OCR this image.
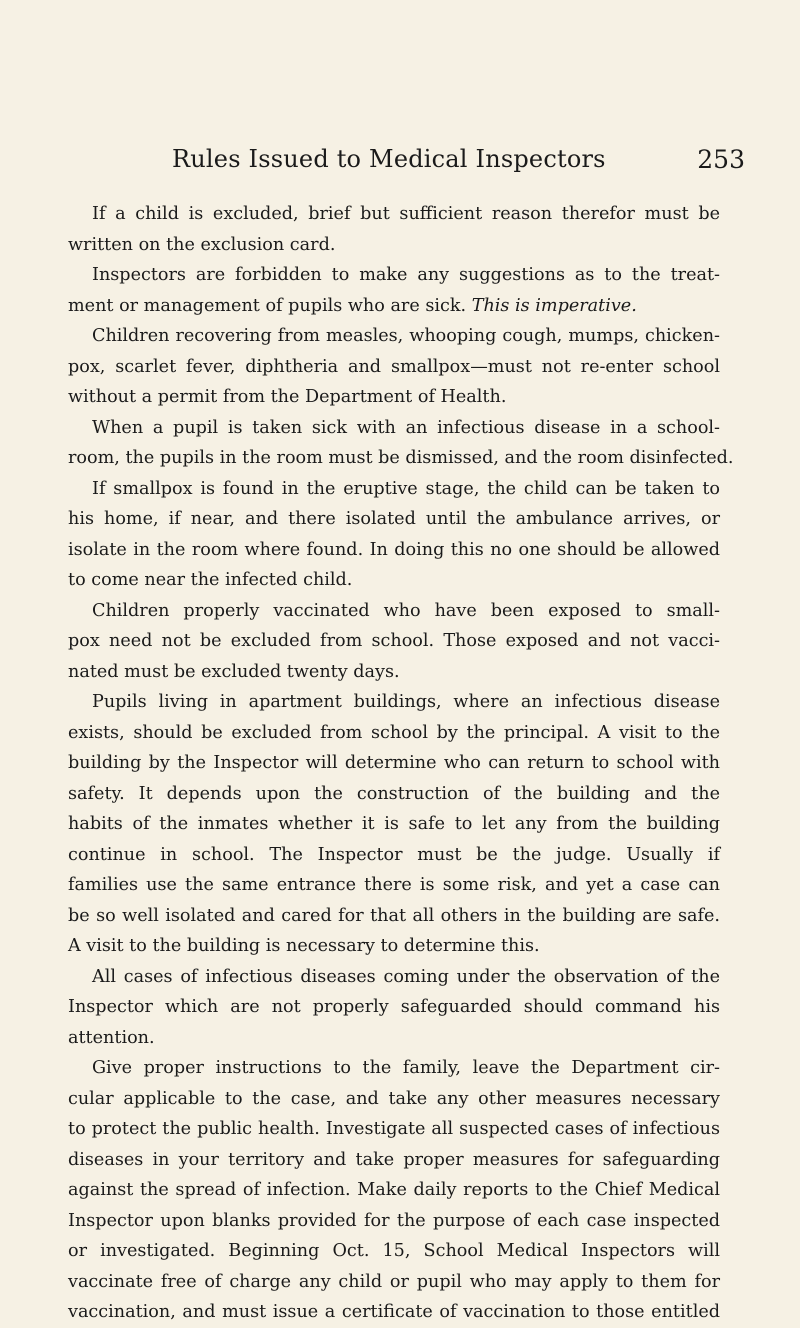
Rules Issued to Medical Inspectors	253
If a child is excluded, brief but sufficient reason therefor must be
written on the exclusion card.
Inspectors are forbidden to make any suggestions as to the treat-
ment or management of pupils who are sick. This is imperative.
Children recovering from measles, whooping cough, mumps, chicken-
pox, scarlet fever, diphtheria and smallpox—must not re-enter school
without a permit from the Department of Health.
When a pupil is taken sick with an infectious disease in a school-
room, the pupils in the room must be dismissed, and the room disinfected.
If smallpox is found in the eruptive stage, the child can be taken to
his home, if near, and there isolated until the ambulance arrives, or
isolate in the room where found. In doing this no one should be allowed
to come near the infected child.
Children properly vaccinated who have been exposed to small-
pox need not be excluded from school. Those exposed and not vacci-
nated must be excluded twenty days.
Pupils living in apartment buildings, where an infectious disease
exists, should be excluded from school by the principal. A visit to the
building by the Inspector will determine who can return to school with
safety. It depends upon the construction of the building and the
habits of the inmates whether it is safe to let any from the building
continue in school. The Inspector must be the judge. Usually if
families use the same entrance there is some risk, and yet a case can
be so well isolated and cared for that all others in the building are safe.
A visit to the building is necessary to determine this.
All cases of infectious diseases coming under the observation of the
Inspector which are not properly safeguarded should command his
attention.
Give proper instructions to the family, leave the Department cir-
cular applicable to the case, and take any other measures necessary
to protect the public health. Investigate all suspected cases of infectious
diseases in your territory and take proper measures for safeguarding
against the spread of infection. Make daily reports to the Chief Medical
Inspector upon blanks provided for the purpose of each case inspected
or investigated. Beginning Oct. 15, School Medical Inspectors will
vaccinate free of charge any child or pupil who may apply to them for
vaccination, and must issue a certificate of vaccination to those entitled
